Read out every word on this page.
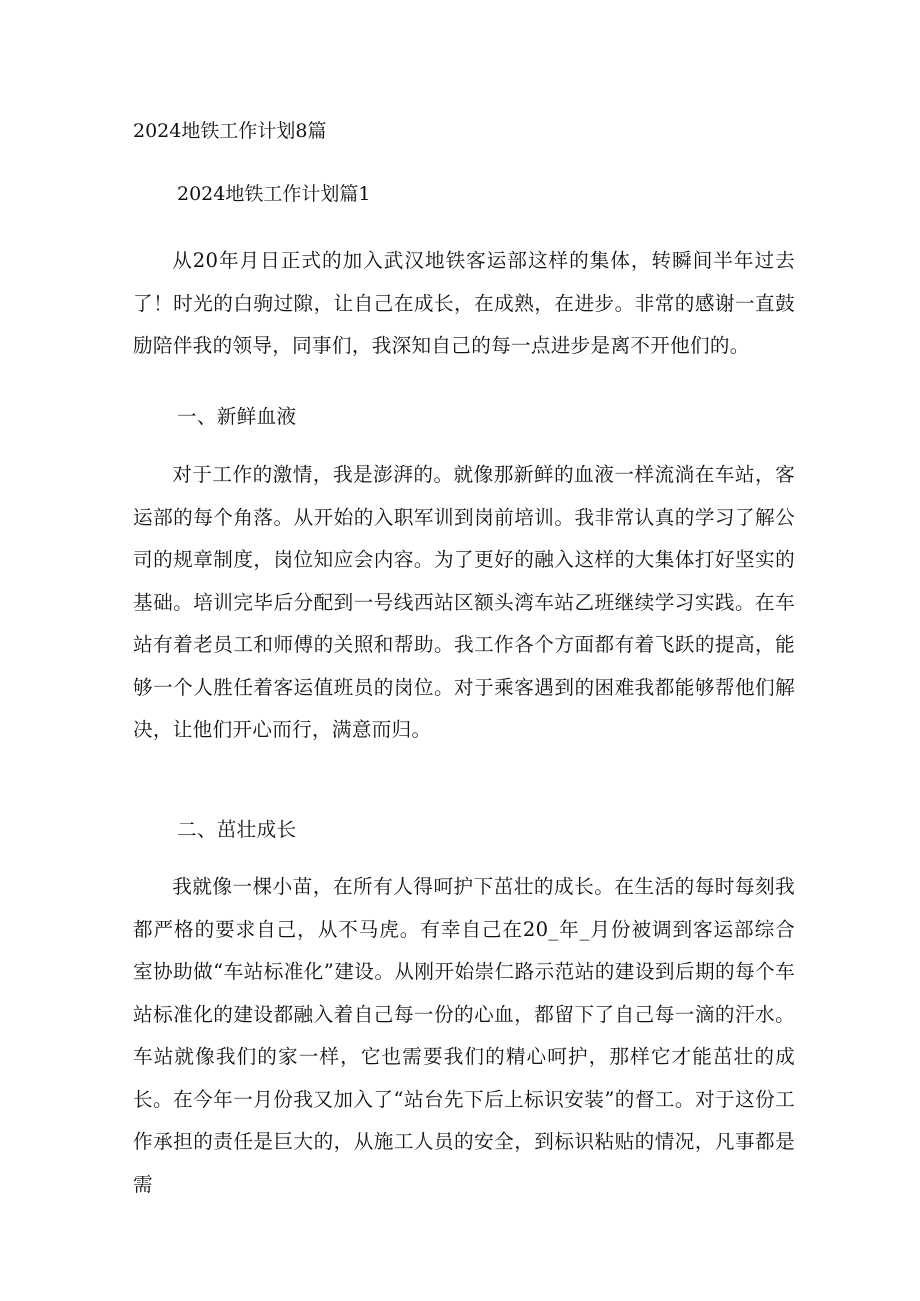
2024地铁工作计划8篇
2024地铁工作计划篇1

从20年月日正式的加入武汉地铁客运部这样的集体，转瞬间半年过去了！时光的白驹过隙，让自己在成长，在成熟，在进步。非常的感谢一直鼓励陪伴我的领导，同事们，我深知自己的每一点进步是离不开他们的。

一、新鲜血液

对于工作的激情，我是澎湃的。就像那新鲜的血液一样流淌在车站，客运部的每个角落。从开始的入职军训到岗前培训。我非常认真的学习了解公司的规章制度，岗位知应会内容。为了更好的融入这样的大集体打好坚实的基础。培训完毕后分配到一号线西站区额头湾车站乙班继续学习实践。在车站有着老员工和师傅的关照和帮助。我工作各个方面都有着飞跃的提高，能够一个人胜任着客运值班员的岗位。对于乘客遇到的困难我都能够帮他们解决，让他们开心而行，满意而归。

二、茁壮成长

我就像一棵小苗，在所有人得呵护下茁壮的成长。在生活的每时每刻我都严格的要求自己，从不马虎。有幸自己在20_年_月份被调到客运部综合室协助做“车站标准化”建设。从刚开始崇仁路示范站的建设到后期的每个车站标准化的建设都融入着自己每一份的心血，都留下了自己每一滴的汗水。车站就像我们的家一样，它也需要我们的精心呵护，那样它才能茁壮的成长。在今年一月份我又加入了“站台先下后上标识安装”的督工。对于这份工作承担的责任是巨大的，从施工人员的安全，到标识粘贴的情况，凡事都是需
